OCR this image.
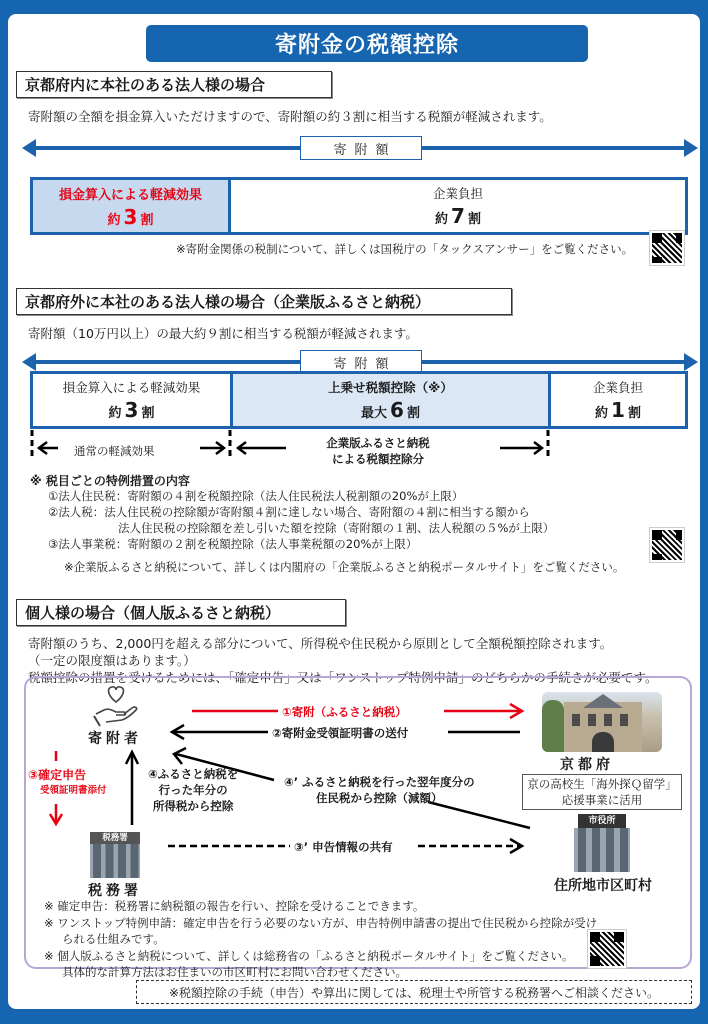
寄附金の税額控除
京都府内に本社のある法人様の場合
寄附額の全額を損金算入いただけますので、寄附額の約３割に相当する税額が軽減されます。
寄附額
損金算入による軽減効果
約 3 割
企業負担
約 7 割
※寄附金関係の税制について、詳しくは国税庁の「タックスアンサー」をご覧ください。
京都府外に本社のある法人様の場合（企業版ふるさと納税）
寄附額（10万円以上）の最大約９割に相当する税額が軽減されます。
寄附額
損金算入による軽減効果
約 3 割
上乗せ税額控除（※）
最大 6 割
企業負担
約 1 割
通常の軽減効果
企業版ふるさと納税
による税額控除分
※ 税目ごとの特例措置の内容
①法人住民税：寄附額の４割を税額控除（法人住民税法人税割額の20%が上限）
②法人税：法人住民税の控除額が寄附額４割に達しない場合、寄附額の４割に相当する額から
法人住民税の控除額を差し引いた額を控除（寄附額の１割、法人税額の５%が上限）
③法人事業税：寄附額の２割を税額控除（法人事業税額の20%が上限）
※企業版ふるさと納税について、詳しくは内閣府の「企業版ふるさと納税ポータルサイト」をご覧ください。
個人様の場合（個人版ふるさと納税）
寄附額のうち、2,000円を超える部分について、所得税や住民税から原則として全額税額控除されます。
（一定の限度額はあります。）
税額控除の措置を受けるためには、「確定申告」又は「ワンストップ特例申請」のどちらかの手続きが必要です。
寄附者
京都府
京の高校生「海外探Ｑ留学」
応援事業に活用
税務署
税務署
市役所
住所地市区町村
①寄附（ふるさと納税）
②寄附金受領証明書の送付
③確定申告
受領証明書添付
④ふるさと納税を
行った年分の
所得税から控除
④’ ふるさと納税を行った翌年度分の
住民税から控除（減額）
③’ 申告情報の共有
※ 確定申告：税務署に納税額の報告を行い、控除を受けることできます。
※ ワンストップ特例申請：確定申告を行う必要のない方が、申告特例申請書の提出で住民税から控除が受け
られる仕組みです。
※ 個人版ふるさと納税について、詳しくは総務省の「ふるさと納税ポータルサイト」をご覧ください。
具体的な計算方法はお住まいの市区町村にお問い合わせください。
※税額控除の手続（申告）や算出に関しては、税理士や所管する税務署へご相談ください。
